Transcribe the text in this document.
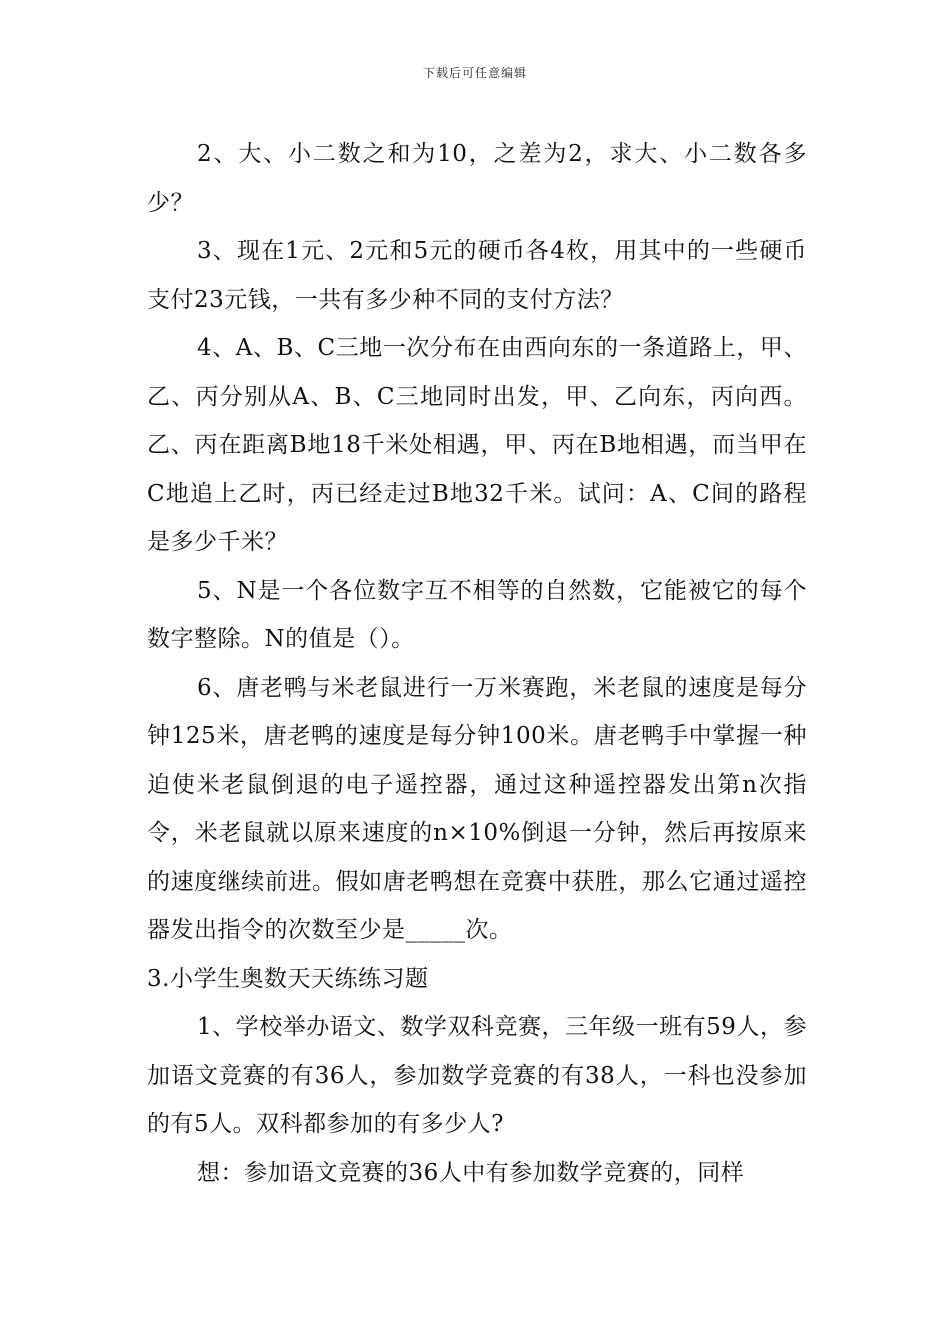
下载后可任意编辑

2、大、小二数之和为10，之差为2，求大、小二数各多少？

3、现在1元、2元和5元的硬币各4枚，用其中的一些硬币支付23元钱，一共有多少种不同的支付方法？

4、A、B、C三地一次分布在由西向东的一条道路上，甲、乙、丙分别从A、B、C三地同时出发，甲、乙向东，丙向西。乙、丙在距离B地18千米处相遇，甲、丙在B地相遇，而当甲在C地追上乙时，丙已经走过B地32千米。试问：A、C间的路程是多少千米？

5、N是一个各位数字互不相等的自然数，它能被它的每个数字整除。N的值是（）。

6、唐老鸭与米老鼠进行一万米赛跑，米老鼠的速度是每分钟125米，唐老鸭的速度是每分钟100米。唐老鸭手中掌握一种迫使米老鼠倒退的电子遥控器，通过这种遥控器发出第n次指令，米老鼠就以原来速度的n×10%倒退一分钟，然后再按原来的速度继续前进。假如唐老鸭想在竞赛中获胜，那么它通过遥控器发出指令的次数至少是_____次。

3.小学生奥数天天练练习题

1、学校举办语文、数学双科竞赛，三年级一班有59人，参加语文竞赛的有36人，参加数学竞赛的有38人，一科也没参加的有5人。双科都参加的有多少人?

想：参加语文竞赛的36人中有参加数学竞赛的，同样
